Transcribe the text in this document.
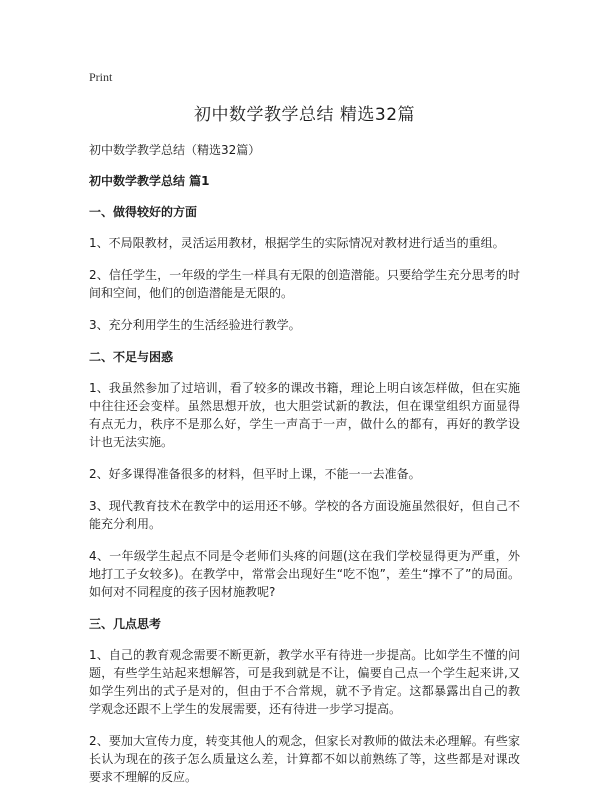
Print
初中数学教学总结 精选32篇
初中数学教学总结（精选32篇）
初中数学教学总结 篇1
一、做得较好的方面

1、不局限教材，灵活运用教材，根据学生的实际情况对教材进行适当的重组。

2、信任学生，一年级的学生一样具有无限的创造潜能。只要给学生充分思考的时间和空间，他们的创造潜能是无限的。

3、充分利用学生的生活经验进行教学。

二、不足与困惑

1、我虽然参加了过培训，看了较多的课改书籍，理论上明白该怎样做，但在实施中往往还会变样。虽然思想开放，也大胆尝试新的教法，但在课堂组织方面显得有点无力，秩序不是那么好，学生一声高于一声，做什么的都有，再好的教学设计也无法实施。

2、好多课得准备很多的材料，但平时上课，不能一一去准备。

3、现代教育技术在教学中的运用还不够。学校的各方面设施虽然很好，但自己不能充分利用。

4、一年级学生起点不同是令老师们头疼的问题(这在我们学校显得更为严重，外地打工子女较多)。在教学中，常常会出现好生“吃不饱”，差生“撑不了”的局面。如何对不同程度的孩子因材施教呢?

三、几点思考

1、自己的教育观念需要不断更新，教学水平有待进一步提高。比如学生不懂的问题，有些学生站起来想解答，可是我到就是不让，偏要自己点一个学生起来讲,又如学生列出的式子是对的，但由于不合常规，就不予肯定。这都暴露出自己的教学观念还跟不上学生的发展需要，还有待进一步学习提高。

2、要加大宣传力度，转变其他人的观念，但家长对教师的做法未必理解。有些家长认为现在的孩子怎么质量这么差，计算都不如以前熟练了等，这些都是对课改要求不理解的反应。
